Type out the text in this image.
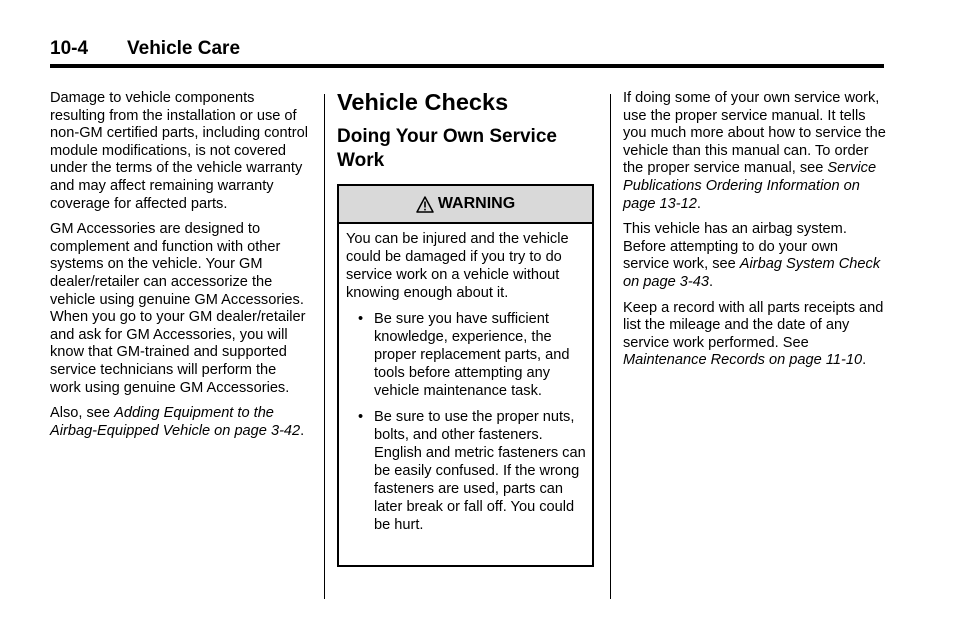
10-4 Vehicle Care

Damage to vehicle components resulting from the installation or use of non-GM certified parts, including control module modifications, is not covered under the terms of the vehicle warranty and may affect remaining warranty coverage for affected parts.

GM Accessories are designed to complement and function with other systems on the vehicle. Your GM dealer/retailer can accessorize the vehicle using genuine GM Accessories. When you go to your GM dealer/retailer and ask for GM Accessories, you will know that GM-trained and supported service technicians will perform the work using genuine GM Accessories.

Also, see Adding Equipment to the Airbag-Equipped Vehicle on page 3-42.

Vehicle Checks
Doing Your Own Service Work
WARNING

You can be injured and the vehicle could be damaged if you try to do service work on a vehicle without knowing enough about it.

• Be sure you have sufficient knowledge, experience, the proper replacement parts, and tools before attempting any vehicle maintenance task.
• Be sure to use the proper nuts, bolts, and other fasteners. English and metric fasteners can be easily confused. If the wrong fasteners are used, parts can later break or fall off. You could be hurt.

If doing some of your own service work, use the proper service manual. It tells you much more about how to service the vehicle than this manual can. To order the proper service manual, see Service Publications Ordering Information on page 13-12.

This vehicle has an airbag system. Before attempting to do your own service work, see Airbag System Check on page 3-43.

Keep a record with all parts receipts and list the mileage and the date of any service work performed. See Maintenance Records on page 11-10.
